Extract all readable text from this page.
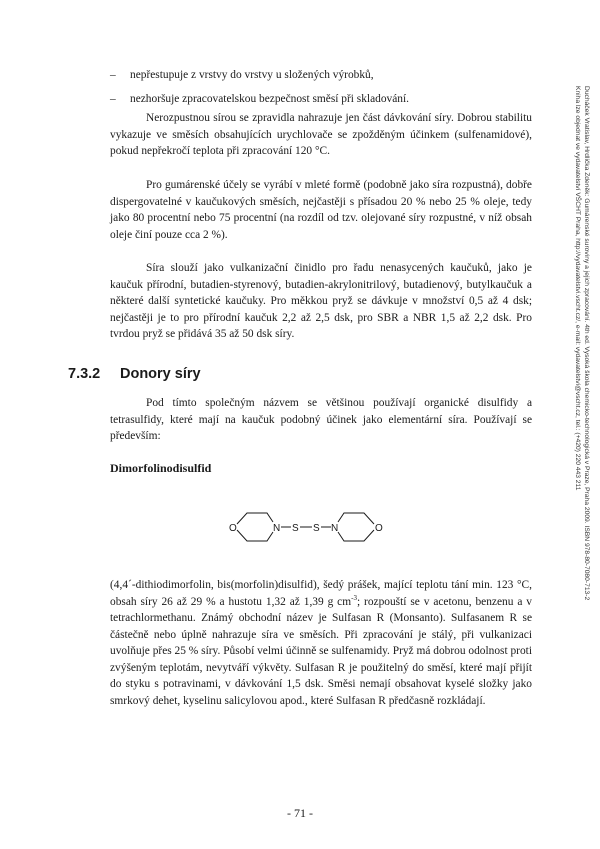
– nepřestupuje z vrstvy do vrstvy u složených výrobků,
– nezhoršuje zpracovatelskou bezpečnost směsí při skladování.
Nerozpustnou sírou se zpravidla nahrazuje jen část dávkování síry. Dobrou stabilitu vykazuje ve směsích obsahujících urychlovače se zpožděným účinkem (sulfenamidové), pokud nepřekročí teplota při zpracování 120 °C.
Pro gumárenské účely se vyrábí v mleté formě (podobně jako síra rozpustná), dobře dispergovatelné v kaučukových směsích, nejčastěji s přísadou 20 % nebo 25 % oleje, tedy jako 80 procentní nebo 75 procentní (na rozdíl od tzv. olejované síry rozpustné, v níž obsah oleje činí pouze cca 2 %).
Síra slouží jako vulkanizační činidlo pro řadu nenasycených kaučuků, jako je kaučuk přírodní, butadien-styrenový, butadien-akrylonitrilový, butadienový, butylkaučuk a některé další syntetické kaučuky. Pro měkkou pryž se dávkuje v množství 0,5 až 4 dsk; nejčastěji je to pro přírodní kaučuk 2,2 až 2,5 dsk, pro SBR a NBR 1,5 až 2,2 dsk. Pro tvrdou pryž se přidává 35 až 50 dsk síry.
7.3.2 Donory síry
Pod tímto společným názvem se většinou používají organické disulfidy a tetrasulfidy, které mají na kaučuk podobný účinek jako elementární síra. Používají se především:
Dimorfolinodisulfid
O	N S S N	O
(4,4´-dithiodimorfolin, bis(morfolin)disulfid), šedý prášek, mající teplotu tání min. 123 °C, obsah síry 26 až 29 % a hustotu 1,32 až 1,39 g $cm^{-3}$; rozpouští se v acetonu, benzenu a v tetrachlormethanu. Známý obchodní název je Sulfasan R (Monsanto). Sulfasanem R se částečně nebo úplně nahrazuje síra ve směsích. Při zpracování je stálý, při vulkanizaci uvolňuje přes 25 % síry. Působí velmi účinně se sulfenamidy. Pryž má dobrou odolnost proti zvýšeným teplotám, nevytváří výkvěty. Sulfasan R je použitelný do směsí, které mají přijít do styku s potravinami, v dávkování 1,5 dsk. Směsi nemají obsahovat kyselé složky jako smrkový dehet, kyselinu salicylovou apod., které Sulfasan R předčasně rozkládají.
- 71 -
Ducháček Vratislav, Hrdlička Zdeněk: Gumárenské suroviny a jejich zpracování. 4th ed. Vysoká škola chemicko-technologická v Praze, Praha 2009. ISBN 978-80-7080-713-2
Kniha lze objednat ve vydavatelství VŠCHT Praha, http://vydavatelstvi.vscht.cz/, e-mail: vydavatelstvi@vscht.cz, tel.: (+420) 220 443 211
